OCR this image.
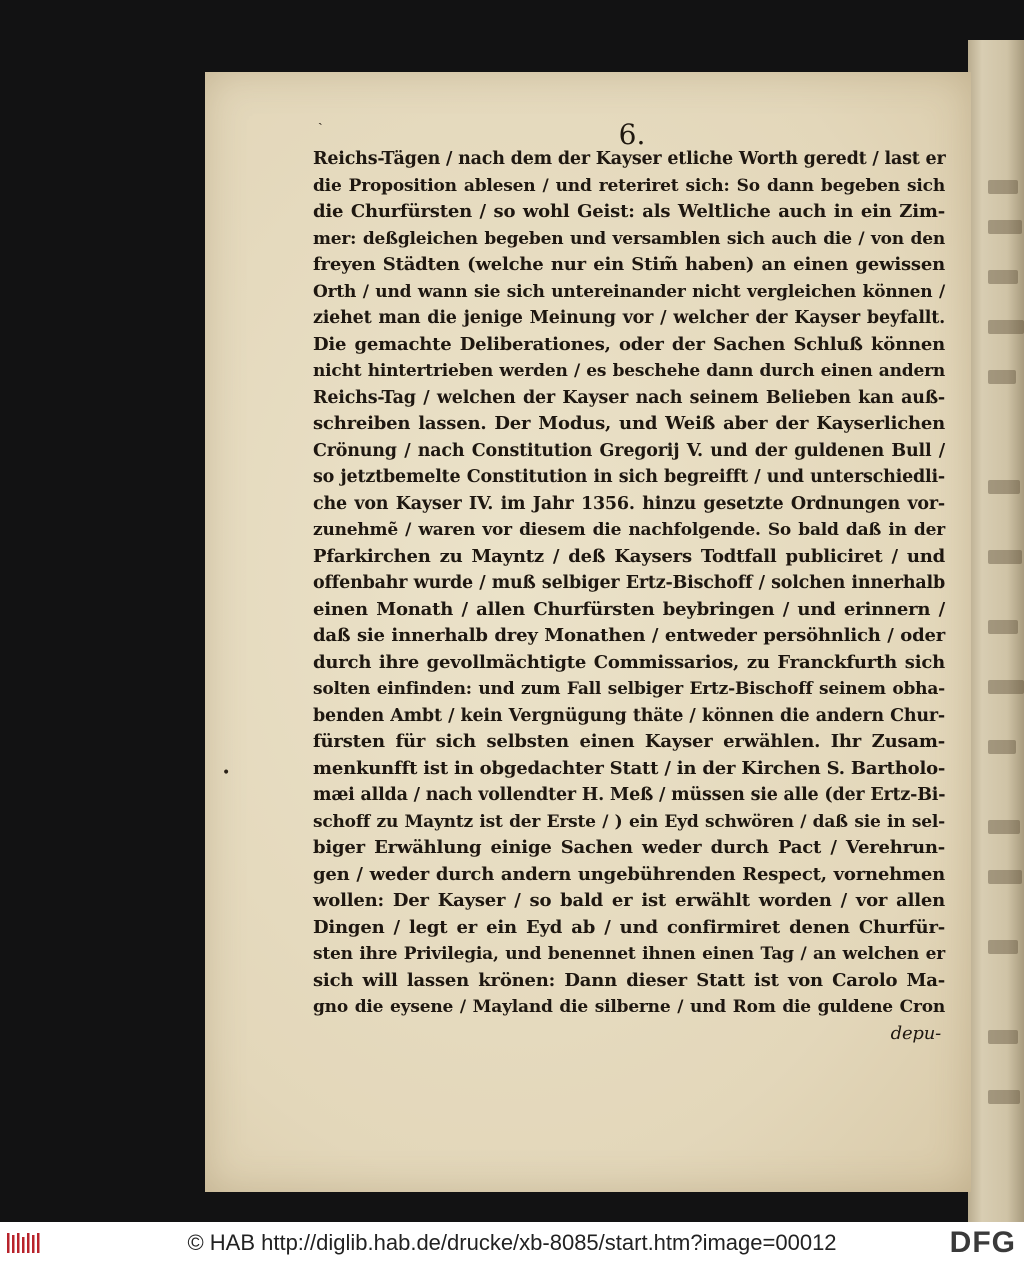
6.
Reichs-Tägen / nach dem der Kayser etliche Worth geredt / last er
die Proposition ablesen / und reteriret sich: So dann begeben sich
die Churfürsten / so wohl Geist: als Weltliche auch in ein Zim-
mer: deßgleichen begeben und versamblen sich auch die / von den
freyen Städten (welche nur ein Stim̃ haben) an einen gewissen
Orth / und wann sie sich untereinander nicht vergleichen können /
ziehet man die jenige Meinung vor / welcher der Kayser beyfallt.
Die gemachte Deliberationes, oder der Sachen Schluß können
nicht hintertrieben werden / es beschehe dann durch einen andern
Reichs-Tag / welchen der Kayser nach seinem Belieben kan auß-
schreiben lassen. Der Modus, und Weiß aber der Kayserlichen
Crönung / nach Constitution Gregorij V. und der guldenen Bull /
so jetztbemelte Constitution in sich begreifft / und unterschiedli-
che von Kayser IV. im Jahr 1356. hinzu gesetzte Ordnungen vor-
zunehmẽ / waren vor diesem die nachfolgende. So bald daß in der
Pfarkirchen zu Mayntz / deß Kaysers Todtfall publiciret / und
offenbahr wurde / muß selbiger Ertz-Bischoff / solchen innerhalb
einen Monath / allen Churfürsten beybringen / und erinnern /
daß sie innerhalb drey Monathen / entweder persöhnlich / oder
durch ihre gevollmächtigte Commissarios, zu Franckfurth sich
solten einfinden: und zum Fall selbiger Ertz-Bischoff seinem obha-
benden Ambt / kein Vergnügung thäte / können die andern Chur-
fürsten für sich selbsten einen Kayser erwählen. Ihr Zusam-
menkunfft ist in obgedachter Statt / in der Kirchen S. Bartholo-
mæi allda / nach vollendter H. Meß / müssen sie alle (der Ertz-Bi-
schoff zu Mayntz ist der Erste / ) ein Eyd schwören / daß sie in sel-
biger Erwählung einige Sachen weder durch Pact / Verehrun-
gen / weder durch andern ungebührenden Respect, vornehmen
wollen: Der Kayser / so bald er ist erwählt worden / vor allen
Dingen / legt er ein Eyd ab / und confirmiret denen Churfür-
sten ihre Privilegia, und benennet ihnen einen Tag / an welchen er
sich will lassen krönen: Dann dieser Statt ist von Carolo Ma-
gno die eysene / Mayland die silberne / und Rom die guldene Cron
depu-
ˎ
•
© HAB http://diglib.hab.de/drucke/xb-8085/start.htm?image=00012	DFG
